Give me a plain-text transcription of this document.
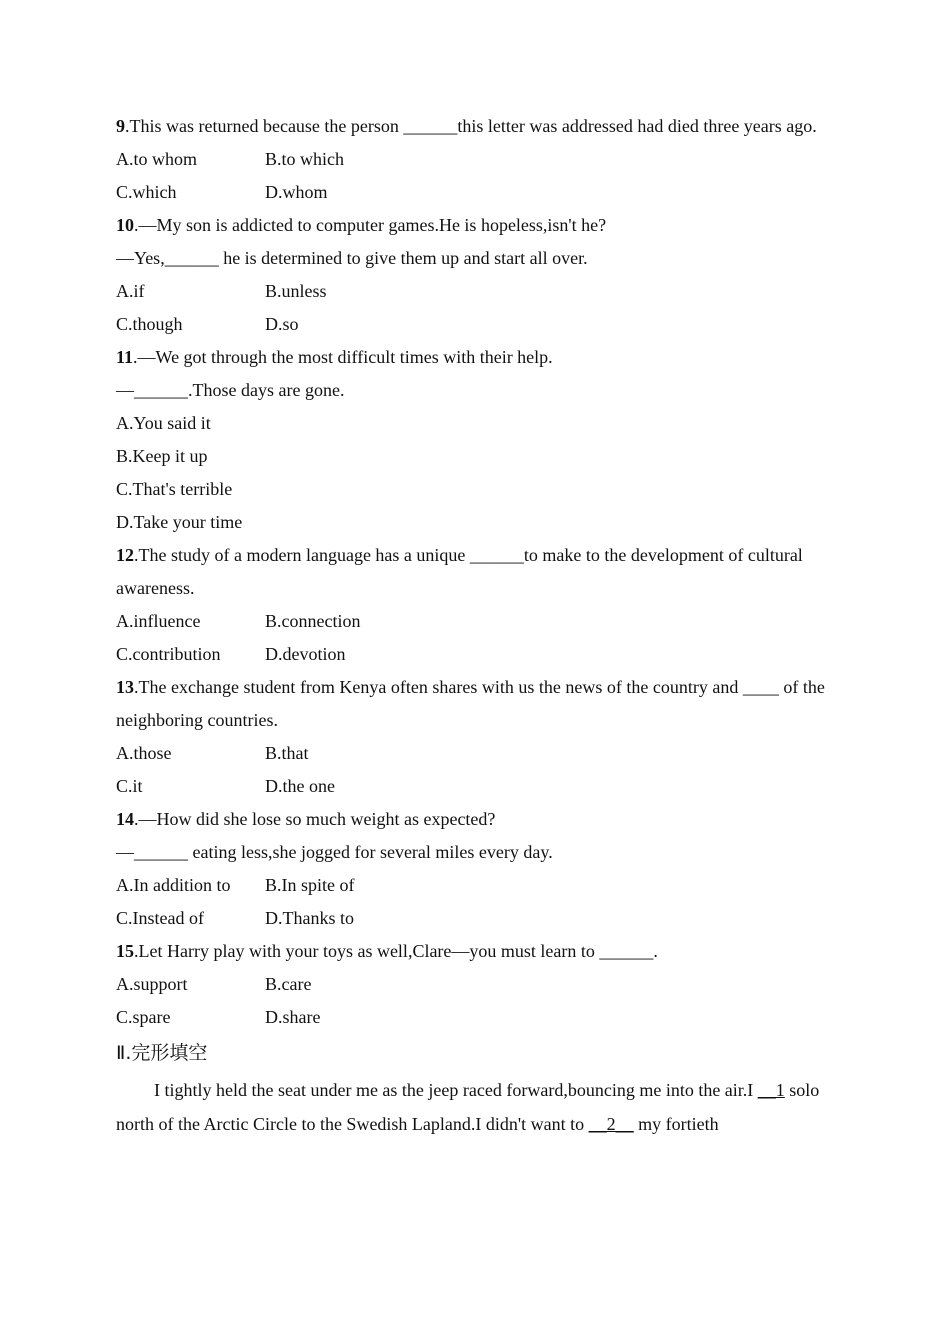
9.This was returned because the person ______this letter was addressed had died three years ago.
A.to whom	B.to which
C.which	D.whom
10.—My son is addicted to computer games.He is hopeless,isn't he?
—Yes,______ he is determined to give them up and start all over.
A.if	B.unless
C.though	D.so
11.—We got through the most difficult times with their help.
—______.Those days are gone.
A.You said it
B.Keep it up
C.That's terrible
D.Take your time
12.The study of a modern language has a unique ______to make to the development of cultural awareness.
A.influence	B.connection
C.contribution D.devotion
13.The exchange student from Kenya often shares with us the news of the country and ____ of the neighboring countries.
A.those	B.that
C.it	D.the one
14.—How did she lose so much weight as expected?
—______ eating less,she jogged for several miles every day.
A.In addition to B.In spite of
C.Instead of	D.Thanks to
15.Let Harry play with your toys as well,Clare—you must learn to ______.
A.support	B.care
C.spare	D.share
Ⅱ.完形填空
I tightly held the seat under me as the jeep raced forward,bouncing me into the air.I __1 solo north of the Arctic Circle to the Swedish Lapland.I didn't want to __2__ my fortieth
